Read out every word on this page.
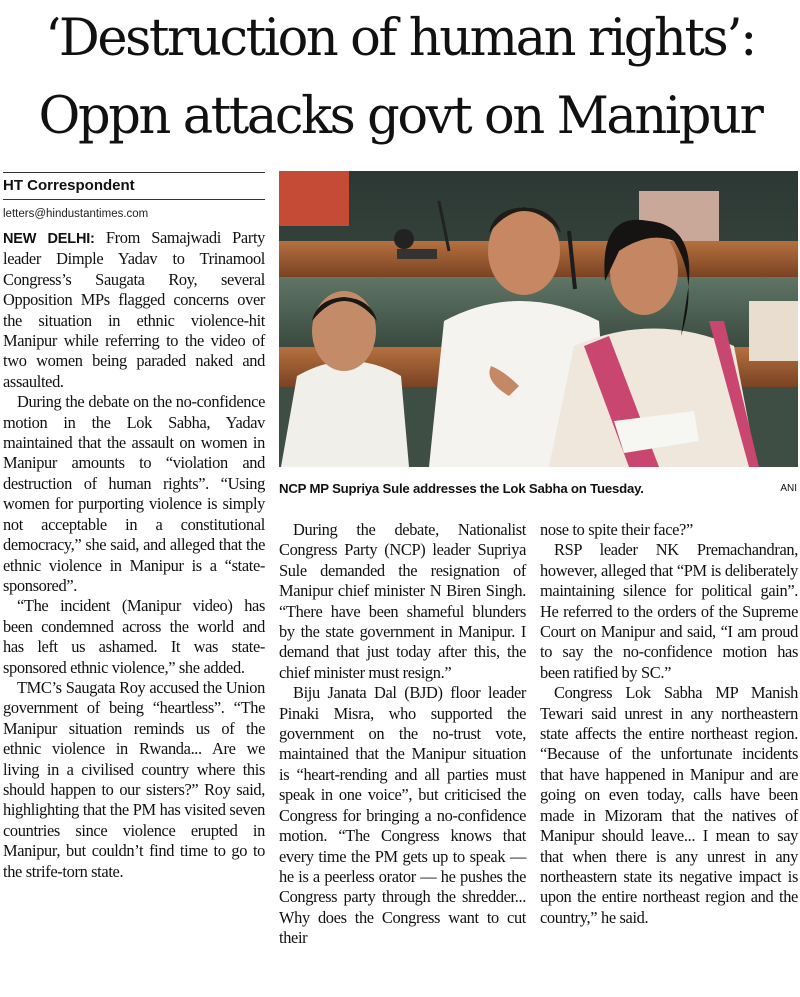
‘Destruction of human rights’:
Oppn attacks govt on Manipur

HT Correspondent

letters@hindustantimes.com

NEW DELHI: From Samajwadi Party leader Dimple Yadav to Trinamool Congress’s Saugata Roy, several Opposition MPs flagged concerns over the situation in ethnic violence-hit Manipur while referring to the video of two women being paraded naked and assaulted.

During the debate on the no-confidence motion in the Lok Sabha, Yadav maintained that the assault on women in Manipur amounts to “violation and destruction of human rights”. “Using women for purporting violence is simply not acceptable in a constitutional democracy,” she said, and alleged that the ethnic violence in Manipur is a “state-sponsored”.

“The incident (Manipur video) has been condemned across the world and has left us ashamed. It was state-sponsored ethnic violence,” she added.

TMC’s Saugata Roy accused the Union government of being “heartless”. “The Manipur situation reminds us of the ethnic violence in Rwanda... Are we living in a civilised country where this should happen to our sisters?” Roy said, highlighting that the PM has visited seven countries since violence erupted in Manipur, but couldn’t find time to go to the strife-torn state.

NCP MP Supriya Sule addresses the Lok Sabha on Tuesday.	ANI

During the debate, Nationalist Congress Party (NCP) leader Supriya Sule demanded the resignation of Manipur chief minister N Biren Singh. “There have been shameful blunders by the state government in Manipur. I demand that just today after this, the chief minister must resign.”

Biju Janata Dal (BJD) floor leader Pinaki Misra, who supported the government on the no-trust vote, maintained that the Manipur situation is “heart-rending and all parties must speak in one voice”, but criticised the Congress for bringing a no-confidence motion. “The Congress knows that every time the PM gets up to speak — he is a peerless orator — he pushes the Congress party through the shredder... Why does the Congress want to cut their

nose to spite their face?”

RSP leader NK Premachandran, however, alleged that “PM is deliberately maintaining silence for political gain”. He referred to the orders of the Supreme Court on Manipur and said, “I am proud to say the no-confidence motion has been ratified by SC.”

Congress Lok Sabha MP Manish Tewari said unrest in any northeastern state affects the entire northeast region. “Because of the unfortunate incidents that have happened in Manipur and are going on even today, calls have been made in Mizoram that the natives of Manipur should leave... I mean to say that when there is any unrest in any northeastern state its negative impact is upon the entire northeast region and the country,” he said.
